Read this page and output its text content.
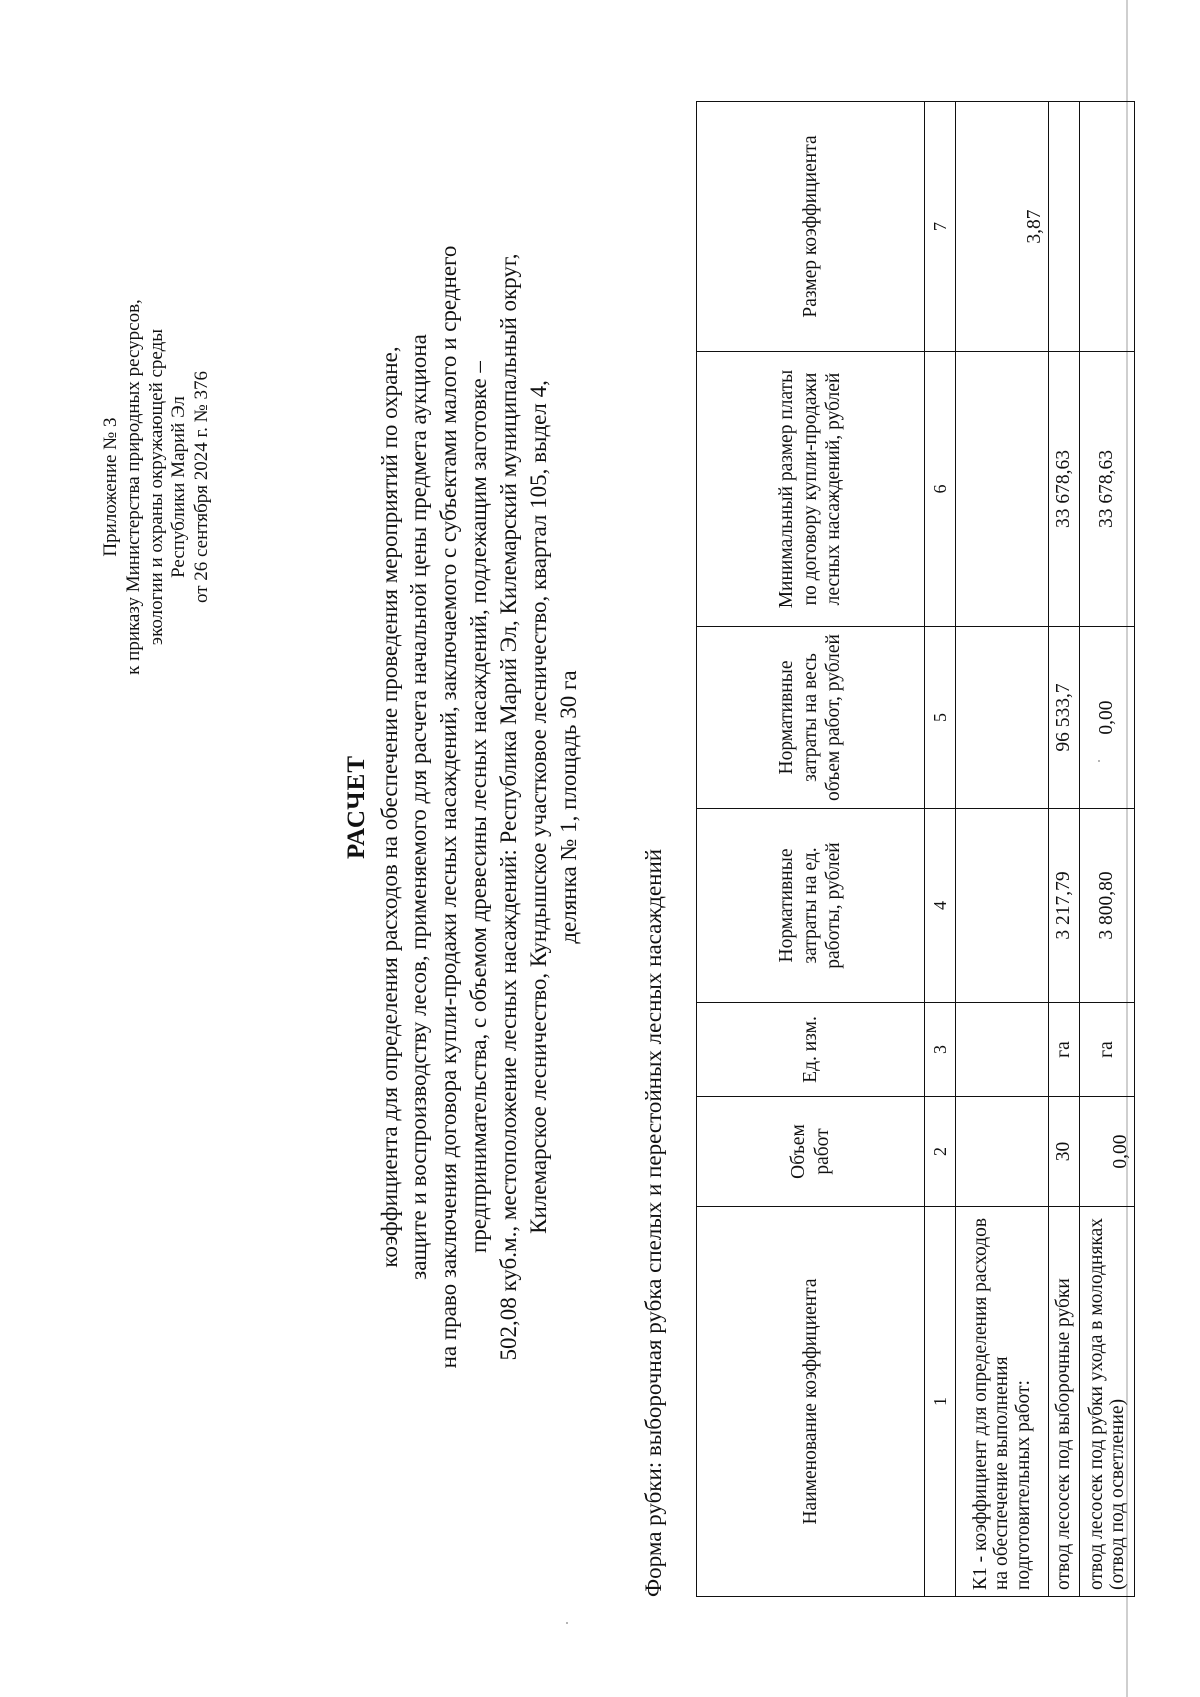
Приложение № 3 к приказу Министерства природных ресурсов, экологии и охраны окружающей среды Республики Марий Эл от 26 сентября 2024 г. № 376
РАСЧЕТ коэффициента для определения расходов на обеспечение проведения мероприятий по охране, защите и воспроизводству лесов, применяемого для расчета начальной цены предмета аукциона на право заключения договора купли-продажи лесных насаждений, заключаемого с субъектами малого и среднего предпринимательства, с объемом древесины лесных насаждений, подлежащим заготовке – 502,08 куб.м., местоположение лесных насаждений: Республика Марий Эл, Килемарский муниципальный округ, Килемарское лесничество, Кундышское участковое лесничество, квартал 105, выдел 4, делянка № 1, площадь 30 га
Форма рубки: выборочная рубка спелых и перестойных лесных насаждений	Наименование коэффициента	Объем работ	Ед. изм.	Нормативные затраты на ед. работы, рублей	Нормативные затраты на весь объем работ, рублей	Минимальный размер платы по договору купли-продажи лесных насаждений, рублей	Размер коэффициента
1	2	3	4	5	6	7
К1 - коэффициент для определения расходов на обеспечение выполнения подготовительных работ:						3,87
отвод лесосек под выборочные рубки	30	га	3 217,79	96 533,7	33 678,63	
отвод лесосек под рубки ухода в молодняках (отвод под осветление)	0,00	га	3 800,80	0,00	33 678,63	
